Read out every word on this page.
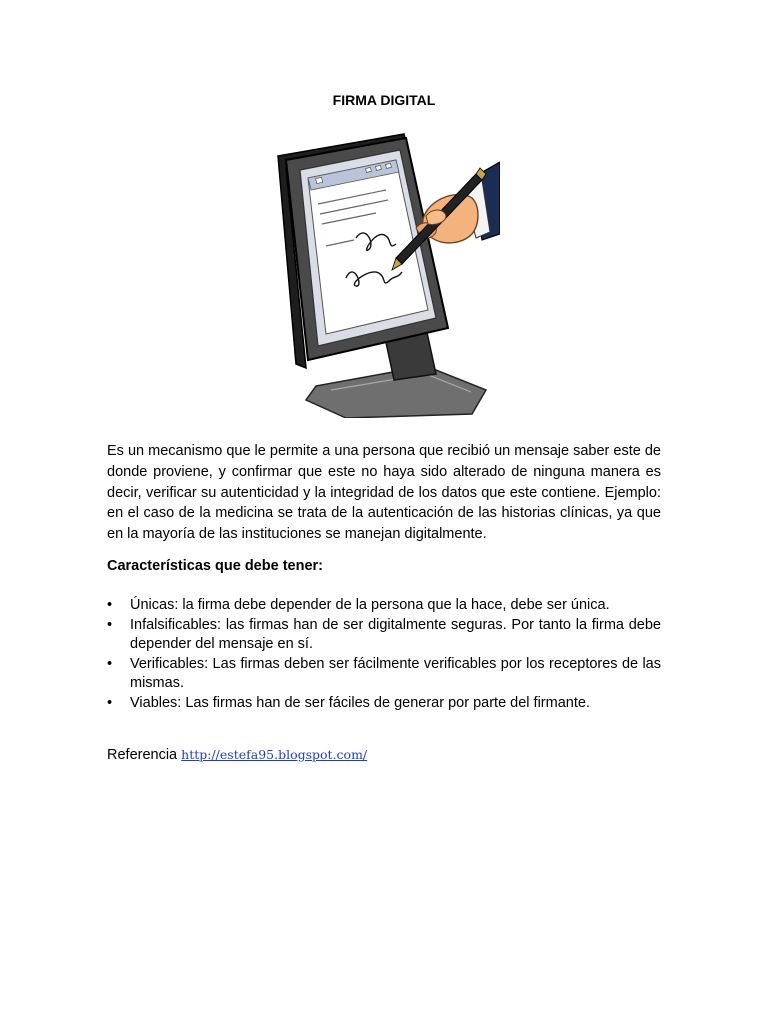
FIRMA DIGITAL

Es un mecanismo que le permite a una persona que recibió un mensaje saber este de donde proviene, y confirmar que este no haya sido alterado de ninguna manera es decir, verificar su autenticidad y la integridad de los datos que este contiene. Ejemplo: en el caso de la medicina se trata de la autenticación de las historias clínicas, ya que en la mayoría de las instituciones se manejan digitalmente.

Características que debe tener:

• Únicas: la firma debe depender de la persona que la hace, debe ser única.
• Infalsificables: las firmas han de ser digitalmente seguras. Por tanto la firma debe depender del mensaje en sí.
• Verificables: Las firmas deben ser fácilmente verificables por los receptores de las mismas.
• Viables: Las firmas han de ser fáciles de generar por parte del firmante.

Referencia http://estefa95.blogspot.com/
